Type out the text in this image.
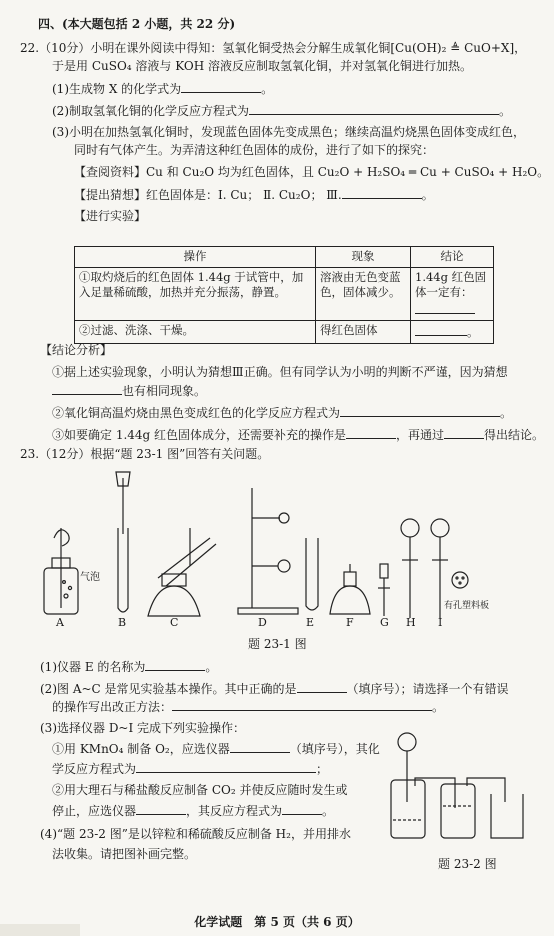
四、(本大题包括 2 小题，共 22 分)
22.（10分）小明在课外阅读中得知：氢氧化铜受热会分解生成氧化铜[Cu(OH)₂ ≜ CuO+X]，
于是用 CuSO₄ 溶液与 KOH 溶液反应制取氢氧化铜，并对氢氧化铜进行加热。
(1)生成物 X 的化学式为	。
(2)制取氢氧化铜的化学反应方程式为	。
(3)小明在加热氢氧化铜时，发现蓝色固体先变成黑色；继续高温灼烧黑色固体变成红色，
同时有气体产生。为弄清这种红色固体的成份，进行了如下的探究：
【查阅资料】Cu 和 Cu₂O 均为红色固体，且 Cu₂O + H₂SO₄ ═ Cu + CuSO₄ + H₂O。
【提出猜想】红色固体是：Ⅰ. Cu； Ⅱ. Cu₂O； Ⅲ.	。
【进行实验】
操作	现象	结论
①取灼烧后的红色固体 1.44g 于试管中，加入足量稀硫酸，加热并充分振荡，静置。	溶液由无色变蓝色，固体减少。	1.44g 红色固体一定有：

②过滤、洗涤、干燥。	得红色固体	。
【结论分析】
①据上述实验现象，小明认为猜想Ⅲ正确。但有同学认为小明的判断不严谨，因为猜想
也有相同现象。
②氧化铜高温灼烧由黑色变成红色的化学反应方程式为	。
③如要确定 1.44g 红色固体成分，还需要补充的操作是	，再通过	得出结论。
23.（12分）根据“题 23-1 图”回答有关问题。
A	B	C	D	E	F G H I
气泡
有孔塑料板
题 23-1 图
(1)仪器 E 的名称为	。
(2)图 A~C 是常见实验基本操作。其中正确的是	（填序号）；请选择一个有错误
的操作写出改正方法：	。
(3)选择仪器 D~I 完成下列实验操作：
①用 KMnO₄ 制备 O₂，应选仪器	（填序号），其化
学反应方程式为	；
②用大理石与稀盐酸反应制备 CO₂ 并使反应随时发生或
停止，应选仪器	，其反应方程式为	。
(4)“题 23-2 图”是以锌粒和稀硫酸反应制备 H₂，并用排水
法收集。请把图补画完整。
题 23-2 图
化学试题　第 5 页（共 6 页）
